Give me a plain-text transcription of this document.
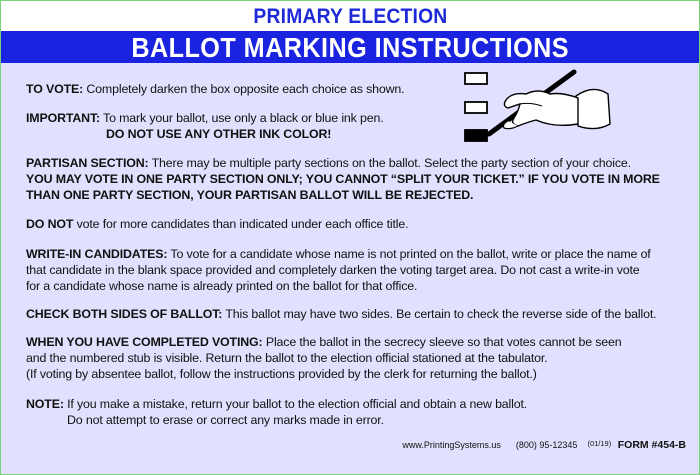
PRIMARY ELECTION
BALLOT MARKING INSTRUCTIONS
TO VOTE: Completely darken the box opposite each choice as shown.
IMPORTANT: To mark your ballot, use only a black or blue ink pen.
DO NOT USE ANY OTHER INK COLOR!
PARTISAN SECTION: There may be multiple party sections on the ballot. Select the party section of your choice.
YOU MAY VOTE IN ONE PARTY SECTION ONLY; YOU CANNOT “SPLIT YOUR TICKET.” IF YOU VOTE IN MORE
THAN ONE PARTY SECTION, YOUR PARTISAN BALLOT WILL BE REJECTED.
DO NOT vote for more candidates than indicated under each office title.
WRITE-IN CANDIDATES: To vote for a candidate whose name is not printed on the ballot, write or place the name of
that candidate in the blank space provided and completely darken the voting target area. Do not cast a write-in vote
for a candidate whose name is already printed on the ballot for that office.
CHECK BOTH SIDES OF BALLOT: This ballot may have two sides. Be certain to check the reverse side of the ballot.
WHEN YOU HAVE COMPLETED VOTING: Place the ballot in the secrecy sleeve so that votes cannot be seen
and the numbered stub is visible. Return the ballot to the election official stationed at the tabulator.
(If voting by absentee ballot, follow the instructions provided by the clerk for returning the ballot.)
NOTE: If you make a mistake, return your ballot to the election official and obtain a new ballot.
Do not attempt to erase or correct any marks made in error.
www.PrintingSystems.us (800) 95-12345 $^{(01/19)}$ FORM #454-B
